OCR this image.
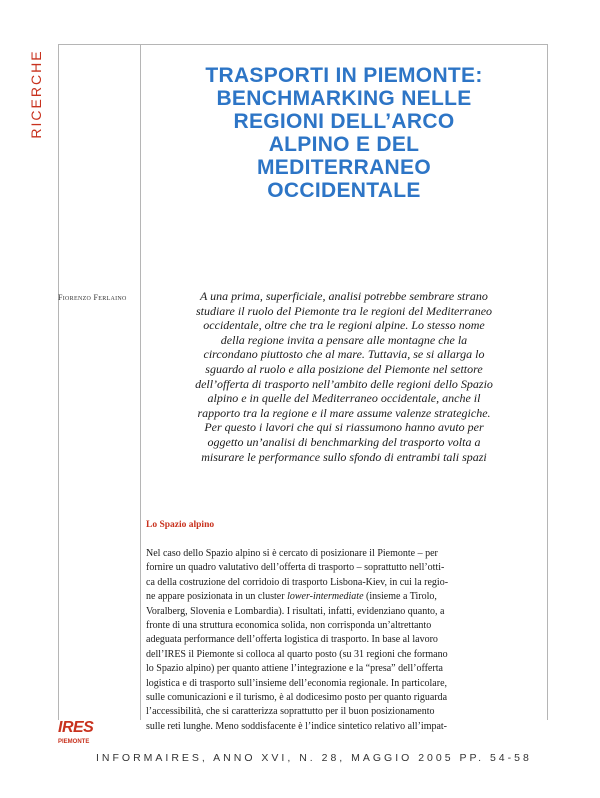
RICERCHE	TRASPORTI IN PIEMONTE:
BENCHMARKING NELLE
REGIONI DELL’ARCO
ALPINO E DEL
MEDITERRANEO
OCCIDENTALE
Fiorenzo Ferlaino	A una prima, superficiale, analisi potrebbe sembrare strano
studiare il ruolo del Piemonte tra le regioni del Mediterraneo
occidentale, oltre che tra le regioni alpine. Lo stesso nome
della regione invita a pensare alle montagne che la
circondano piuttosto che al mare. Tuttavia, se si allarga lo
sguardo al ruolo e alla posizione del Piemonte nel settore
dell’offerta di trasporto nell’ambito delle regioni dello Spazio
alpino e in quelle del Mediterraneo occidentale, anche il
rapporto tra la regione e il mare assume valenze strategiche.
Per questo i lavori che qui si riassumono hanno avuto per
oggetto un’analisi di benchmarking del trasporto volta a
misurare le performance sullo sfondo di entrambi tali spazi
Lo Spazio alpino
Nel caso dello Spazio alpino si è cercato di posizionare il Piemonte – per
fornire un quadro valutativo dell’offerta di trasporto – soprattutto nell’otti-
ca della costruzione del corridoio di trasporto Lisbona-Kiev, in cui la regio-
ne appare posizionata in un cluster lower-intermediate (insieme a Tirolo,
Voralberg, Slovenia e Lombardia). I risultati, infatti, evidenziano quanto, a
fronte di una struttura economica solida, non corrisponda un’altrettanto
adeguata performance dell’offerta logistica di trasporto. In base al lavoro
dell’IRES il Piemonte si colloca al quarto posto (su 31 regioni che formano
lo Spazio alpino) per quanto attiene l’integrazione e la “presa” dell’offerta
logistica e di trasporto sull’insieme dell’economia regionale. In particolare,
sulle comunicazioni e il turismo, è al dodicesimo posto per quanto riguarda
l’accessibilità, che si caratterizza soprattutto per il buon posizionamento
sulle reti lunghe. Meno soddisfacente è l’indice sintetico relativo all’impat-
IRES
PIEMONTE
INFORMAIRES, ANNO XVI, N. 28, MAGGIO 2005 PP. 54-58
